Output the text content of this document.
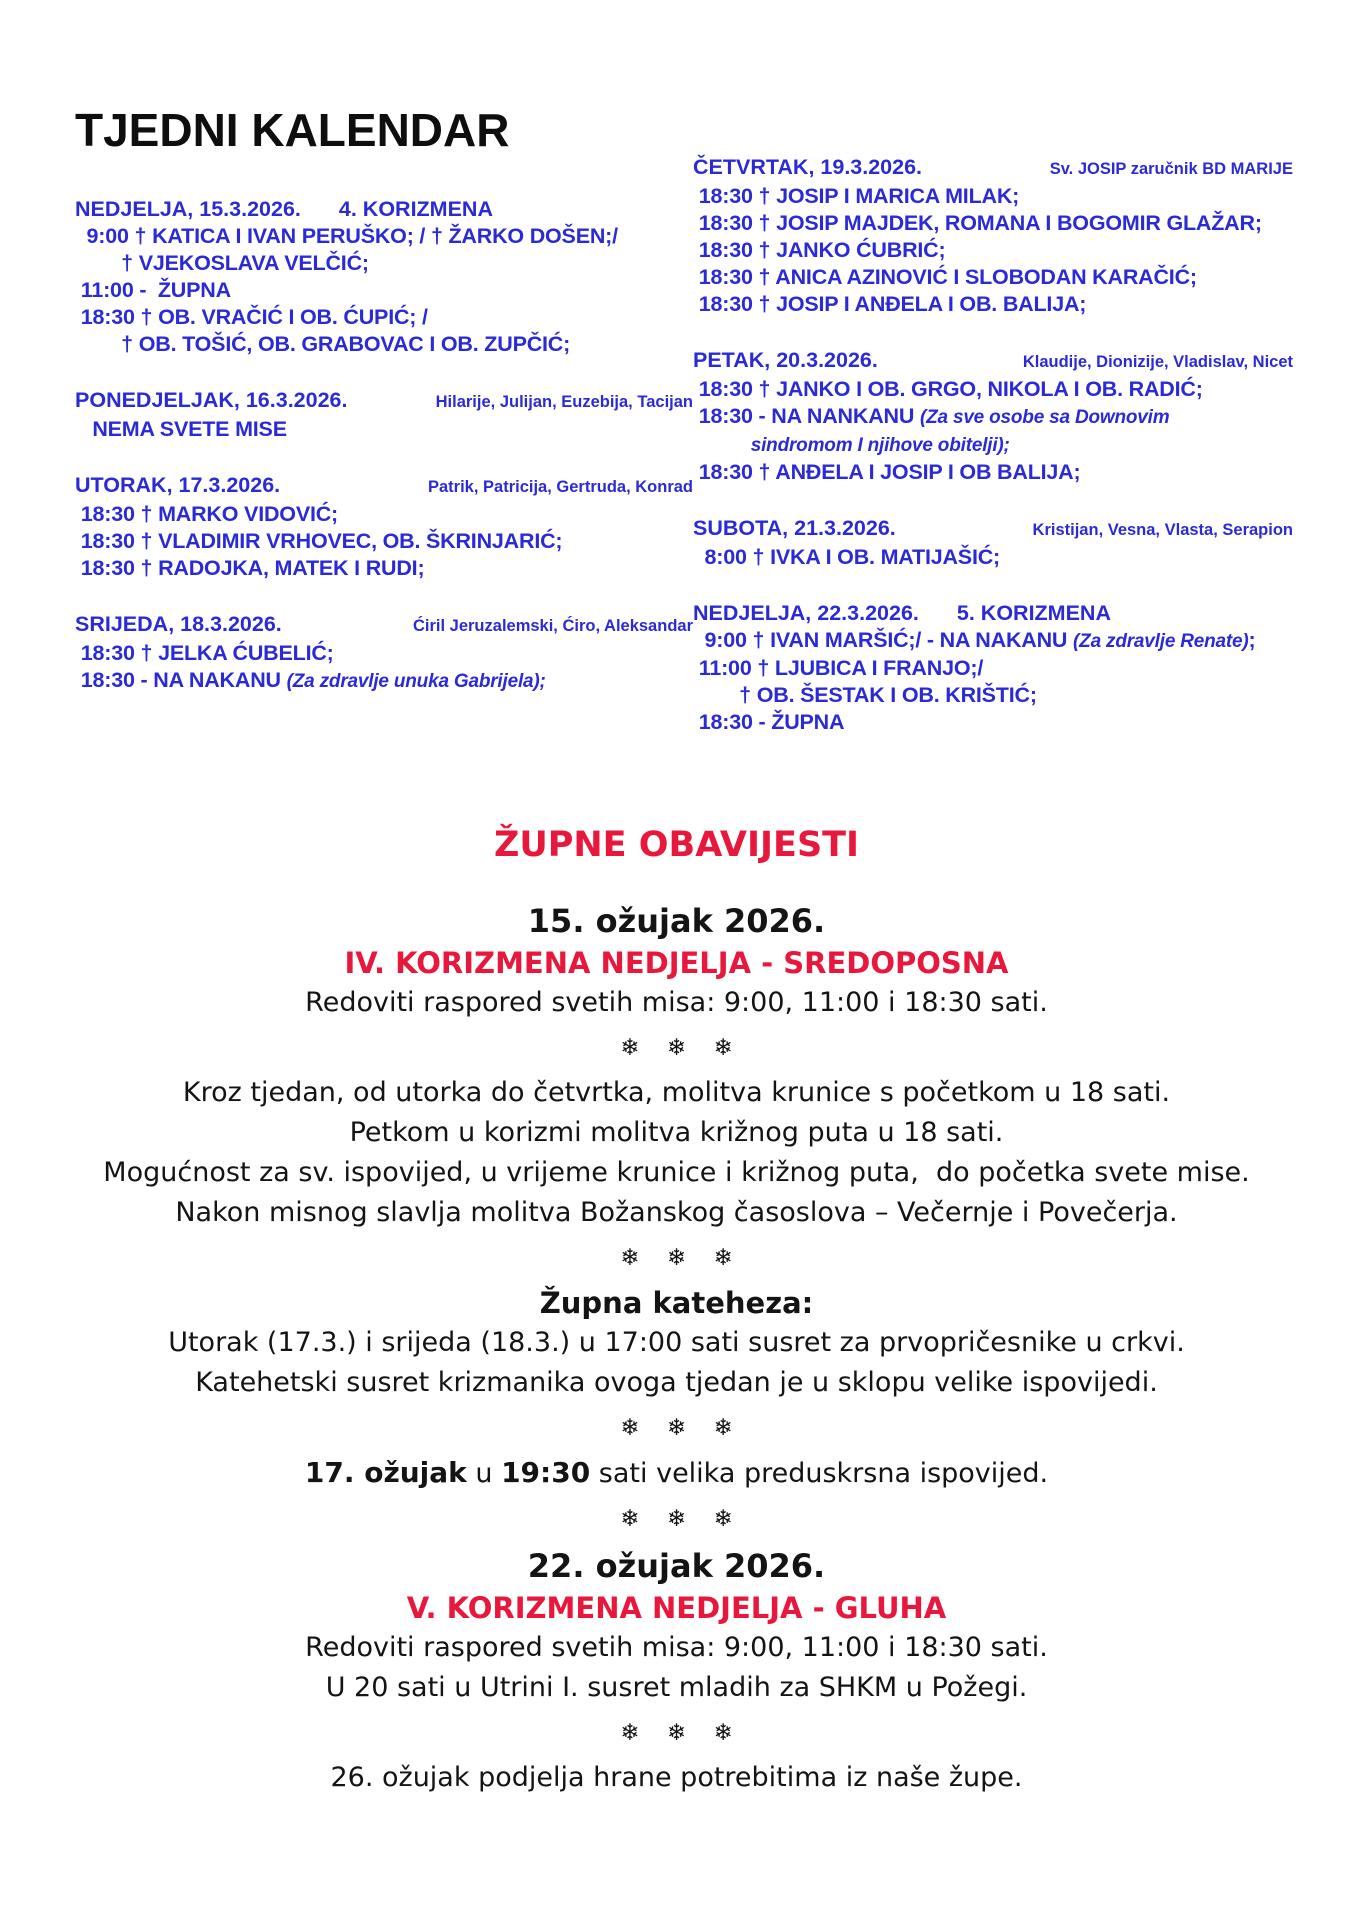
TJEDNI KALENDAR
NEDJELJA, 15.3.2026. 4. KORIZMENA
9:00 † KATICA I IVAN PERUŠKO; / † ŽARKO DOŠEN;/
† VJEKOSLAVA VELČIĆ;
11:00 -  ŽUPNA
18:30 † OB. VRAČIĆ I OB. ĆUPIĆ; /
† OB. TOŠIĆ, OB. GRABOVAC I OB. ZUPČIĆ;
PONEDJELJAK, 16.3.2026.	Hilarije, Julijan, Euzebija, Tacijan
NEMA SVETE MISE
UTORAK, 17.3.2026.	Patrik, Patricija, Gertruda, Konrad
18:30 † MARKO VIDOVIĆ;
18:30 † VLADIMIR VRHOVEC, OB. ŠKRINJARIĆ;
18:30 † RADOJKA, MATEK I RUDI;
SRIJEDA, 18.3.2026.	Ćiril Jeruzalemski, Ćiro, Aleksandar
18:30 † JELKA ĆUBELIĆ;
18:30 - NA NAKANU (Za zdravlje unuka Gabrijela);
ČETVRTAK, 19.3.2026.	Sv. JOSIP zaručnik BD MARIJE
18:30 † JOSIP I MARICA MILAK;
18:30 † JOSIP MAJDEK, ROMANA I BOGOMIR GLAŽAR;
18:30 † JANKO ĆUBRIĆ;
18:30 † ANICA AZINOVIĆ I SLOBODAN KARAČIĆ;
18:30 † JOSIP I ANĐELA I OB. BALIJA;
PETAK, 20.3.2026.	Klaudije, Dionizije, Vladislav, Nicet
18:30 † JANKO I OB. GRGO, NIKOLA I OB. RADIĆ;
18:30 - NA NANKANU (Za sve osobe sa Downovim
sindromom I njihove obitelji);
18:30 † ANĐELA I JOSIP I OB BALIJA;
SUBOTA, 21.3.2026.	Kristijan, Vesna, Vlasta, Serapion
8:00 † IVKA I OB. MATIJAŠIĆ;
NEDJELJA, 22.3.2026. 5. KORIZMENA
9:00 † IVAN MARŠIĆ;/ - NA NAKANU (Za zdravlje Renate);
11:00 † LJUBICA I FRANJO;/
† OB. ŠESTAK I OB. KRIŠTIĆ;
18:30 - ŽUPNA
ŽUPNE OBAVIJESTI
15. ožujak 2026.
IV. KORIZMENA NEDJELJA - SREDOPOSNA
Redoviti raspored svetih misa: 9:00, 11:00 i 18:30 sati.
❄ ❄ ❄
Kroz tjedan, od utorka do četvrtka, molitva krunice s početkom u 18 sati.
Petkom u korizmi molitva križnog puta u 18 sati.
Mogućnost za sv. ispovijed, u vrijeme krunice i križnog puta,  do početka svete mise.
Nakon misnog slavlja molitva Božanskog časoslova – Večernje i Povečerja.
❄ ❄ ❄
Župna kateheza:
Utorak (17.3.) i srijeda (18.3.) u 17:00 sati susret za prvopričesnike u crkvi.
Katehetski susret krizmanika ovoga tjedan je u sklopu velike ispovijedi.
❄ ❄ ❄
17. ožujak u 19:30 sati velika preduskrsna ispovijed.
❄ ❄ ❄
22. ožujak 2026.
V. KORIZMENA NEDJELJA - GLUHA
Redoviti raspored svetih misa: 9:00, 11:00 i 18:30 sati.
U 20 sati u Utrini I. susret mladih za SHKM u Požegi.
❄ ❄ ❄
26. ožujak podjelja hrane potrebitima iz naše župe.
